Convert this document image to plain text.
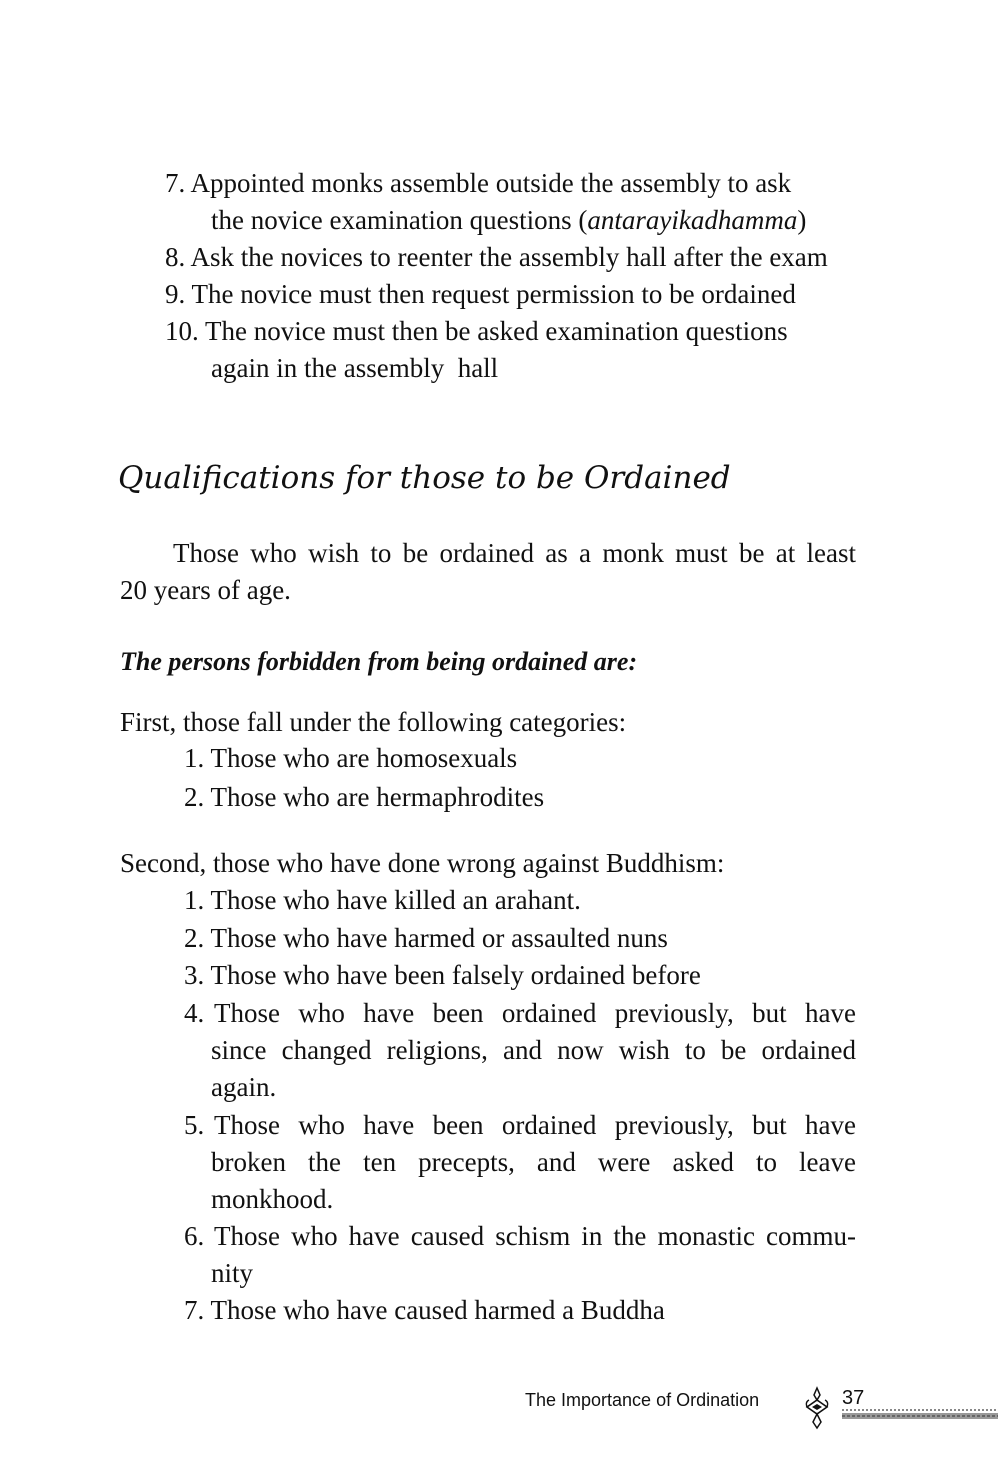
7. Appointed monks assemble outside the assembly to ask
the novice examination questions (antarayikadhamma)
8. Ask the novices to reenter the assembly hall after the exam
9. The novice must then request permission to be ordained
10. The novice must then be asked examination questions
again in the assembly  hall
Qualifications for those to be Ordained
Those who wish to be ordained as a monk must be at least
20 years of age.
The persons forbidden from being ordained are:
First, those fall under the following categories:
1. Those who are homosexuals
2. Those who are hermaphrodites
Second, those who have done wrong against Buddhism:
1. Those who have killed an arahant.
2. Those who have harmed or assaulted nuns
3. Those who have been falsely ordained before
4. Those who have been ordained previously, but have
since changed religions, and now wish to be ordained
again.
5. Those who have been ordained previously, but have
broken the ten precepts, and were asked to leave
monkhood.
6. Those who have caused schism in the monastic commu-
nity
7. Those who have caused harmed a Buddha
The Importance of Ordination	37
